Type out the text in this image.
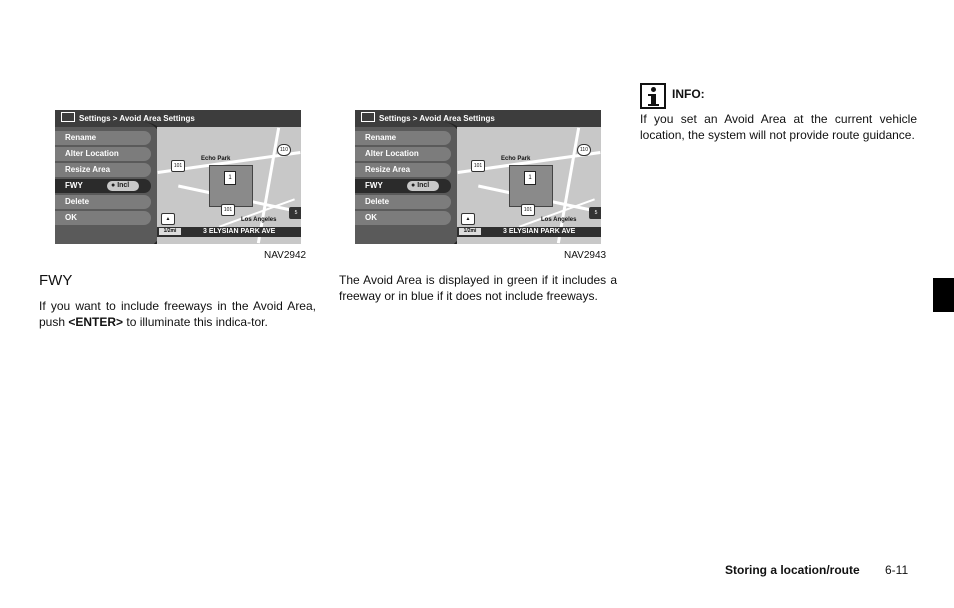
Settings > Avoid Area Settings
Rename
Alter Location
Resize Area
FWY	● Incl
Delete
OK
1
Echo Park
Los Angeles
101
101
110
5
▲
1/2mi	3 ELYSIAN PARK AVE
NAV2942
Settings > Avoid Area Settings
Rename
Alter Location
Resize Area
FWY	● Incl
Delete
OK
1
Echo Park
Los Angeles
101
101
110
5
▲
1/2mi	3 ELYSIAN PARK AVE
NAV2943
FWY
If you want to include freeways in the Avoid Area, push <ENTER> to illuminate this indica-tor.
The Avoid Area is displayed in green if it includes a freeway or in blue if it does not include freeways.
INFO:
If you set an Avoid Area at the current vehicle location, the system will not provide route guidance.
Storing a location/route 6-11
